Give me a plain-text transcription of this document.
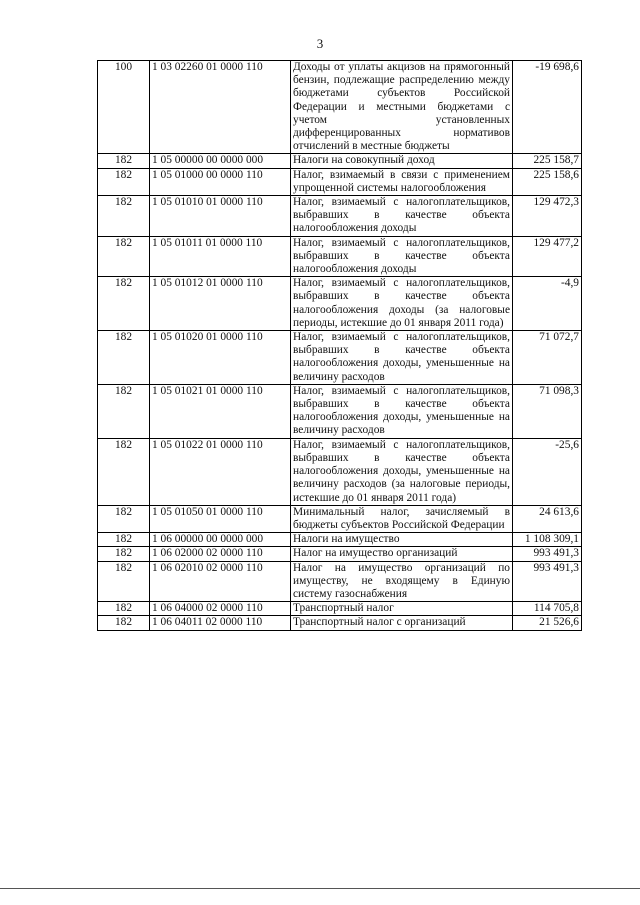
3
100	1 03 02260 01 0000 110	Доходы от уплаты акцизов на прямогонный бензин, подлежащие распределению между бюджетами субъектов Российской Федерации и местными бюджетами с учетом установленных дифференцированных нормативов отчислений в местные бюджеты	-19 698,6
182	1 05 00000 00 0000 000	Налоги на совокупный доход	225 158,7
182	1 05 01000 00 0000 110	Налог, взимаемый в связи с применением упрощенной системы налогообложения	225 158,6
182	1 05 01010 01 0000 110	Налог, взимаемый с налогоплательщиков, выбравших в качестве объекта налогообложения доходы	129 472,3
182	1 05 01011 01 0000 110	Налог, взимаемый с налогоплательщиков, выбравших в качестве объекта налогообложения доходы	129 477,2
182	1 05 01012 01 0000 110	Налог, взимаемый с налогоплательщиков, выбравших в качестве объекта налогообложения доходы (за налоговые периоды, истекшие до 01 января 2011 года)	-4,9
182	1 05 01020 01 0000 110	Налог, взимаемый с налогоплательщиков, выбравших в качестве объекта налогообложения доходы, уменьшенные на величину расходов	71 072,7
182	1 05 01021 01 0000 110	Налог, взимаемый с налогоплательщиков, выбравших в качестве объекта налогообложения доходы, уменьшенные на величину расходов	71 098,3
182	1 05 01022 01 0000 110	Налог, взимаемый с налогоплательщиков, выбравших в качестве объекта налогообложения доходы, уменьшенные на величину расходов (за налоговые периоды, истекшие до 01 января 2011 года)	-25,6
182	1 05 01050 01 0000 110	Минимальный налог, зачисляемый в бюджеты субъектов Российской Федерации	24 613,6
182	1 06 00000 00 0000 000	Налоги на имущество	1 108 309,1
182	1 06 02000 02 0000 110	Налог на имущество организаций	993 491,3
182	1 06 02010 02 0000 110	Налог на имущество организаций по имуществу, не входящему в Единую систему газоснабжения	993 491,3
182	1 06 04000 02 0000 110	Транспортный налог	114 705,8
182	1 06 04011 02 0000 110	Транспортный налог с организаций	21 526,6
